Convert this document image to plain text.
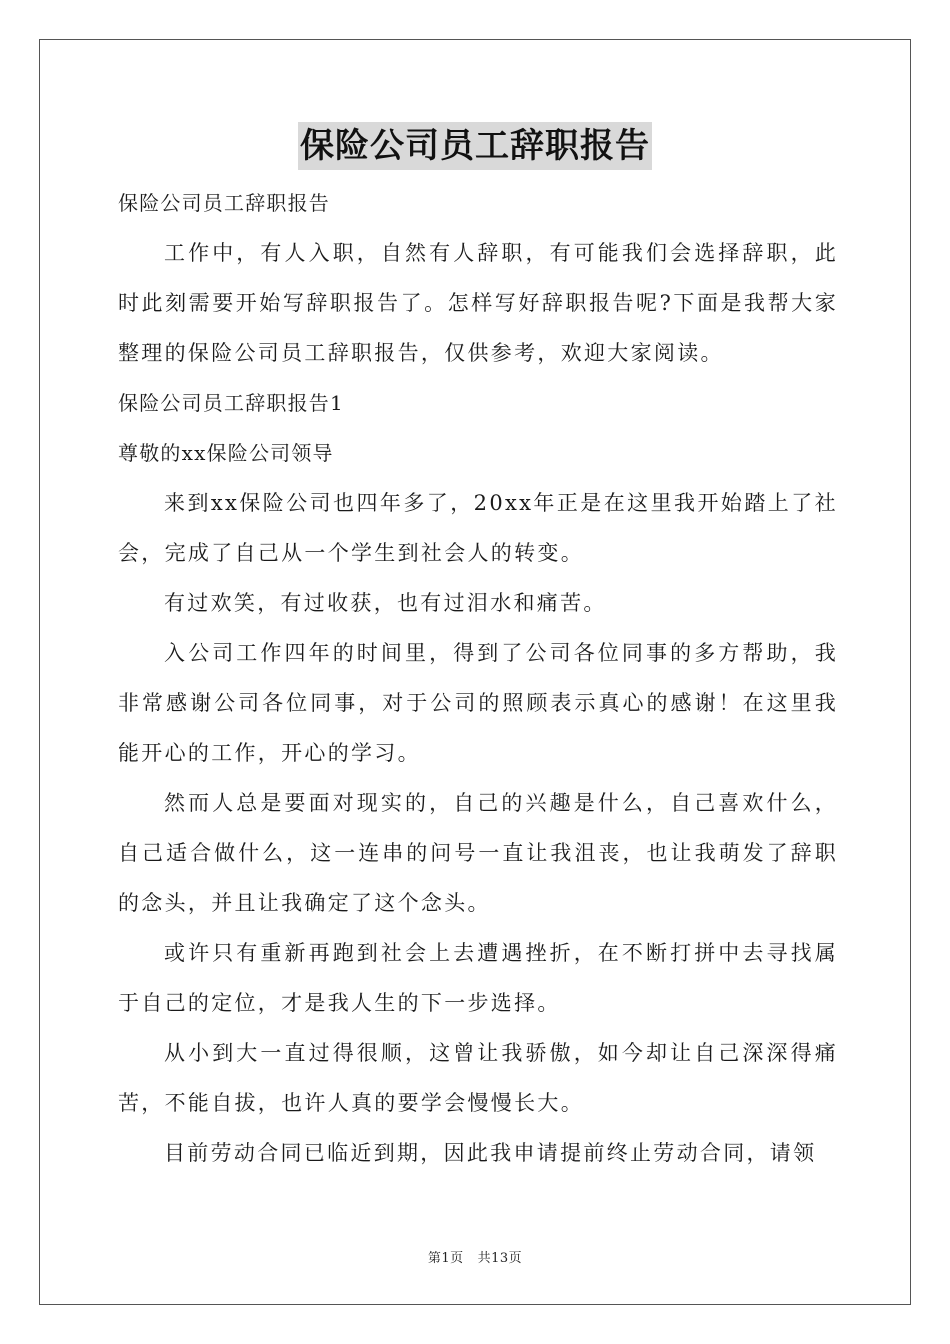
保险公司员工辞职报告

保险公司员工辞职报告

工作中，有人入职，自然有人辞职，有可能我们会选择辞职，此时此刻需要开始写辞职报告了。怎样写好辞职报告呢?下面是我帮大家整理的保险公司员工辞职报告，仅供参考，欢迎大家阅读。

保险公司员工辞职报告1

尊敬的xx保险公司领导

来到xx保险公司也四年多了，20xx年正是在这里我开始踏上了社会，完成了自己从一个学生到社会人的转变。

有过欢笑，有过收获，也有过泪水和痛苦。

入公司工作四年的时间里，得到了公司各位同事的多方帮助，我非常感谢公司各位同事，对于公司的照顾表示真心的感谢！在这里我能开心的工作，开心的学习。

然而人总是要面对现实的，自己的兴趣是什么，自己喜欢什么，自己适合做什么，这一连串的问号一直让我沮丧，也让我萌发了辞职的念头，并且让我确定了这个念头。

或许只有重新再跑到社会上去遭遇挫折，在不断打拼中去寻找属于自己的定位，才是我人生的下一步选择。

从小到大一直过得很顺，这曾让我骄傲，如今却让自己深深得痛苦，不能自拔，也许人真的要学会慢慢长大。

目前劳动合同已临近到期，因此我申请提前终止劳动合同，请领

第1页 共13页
